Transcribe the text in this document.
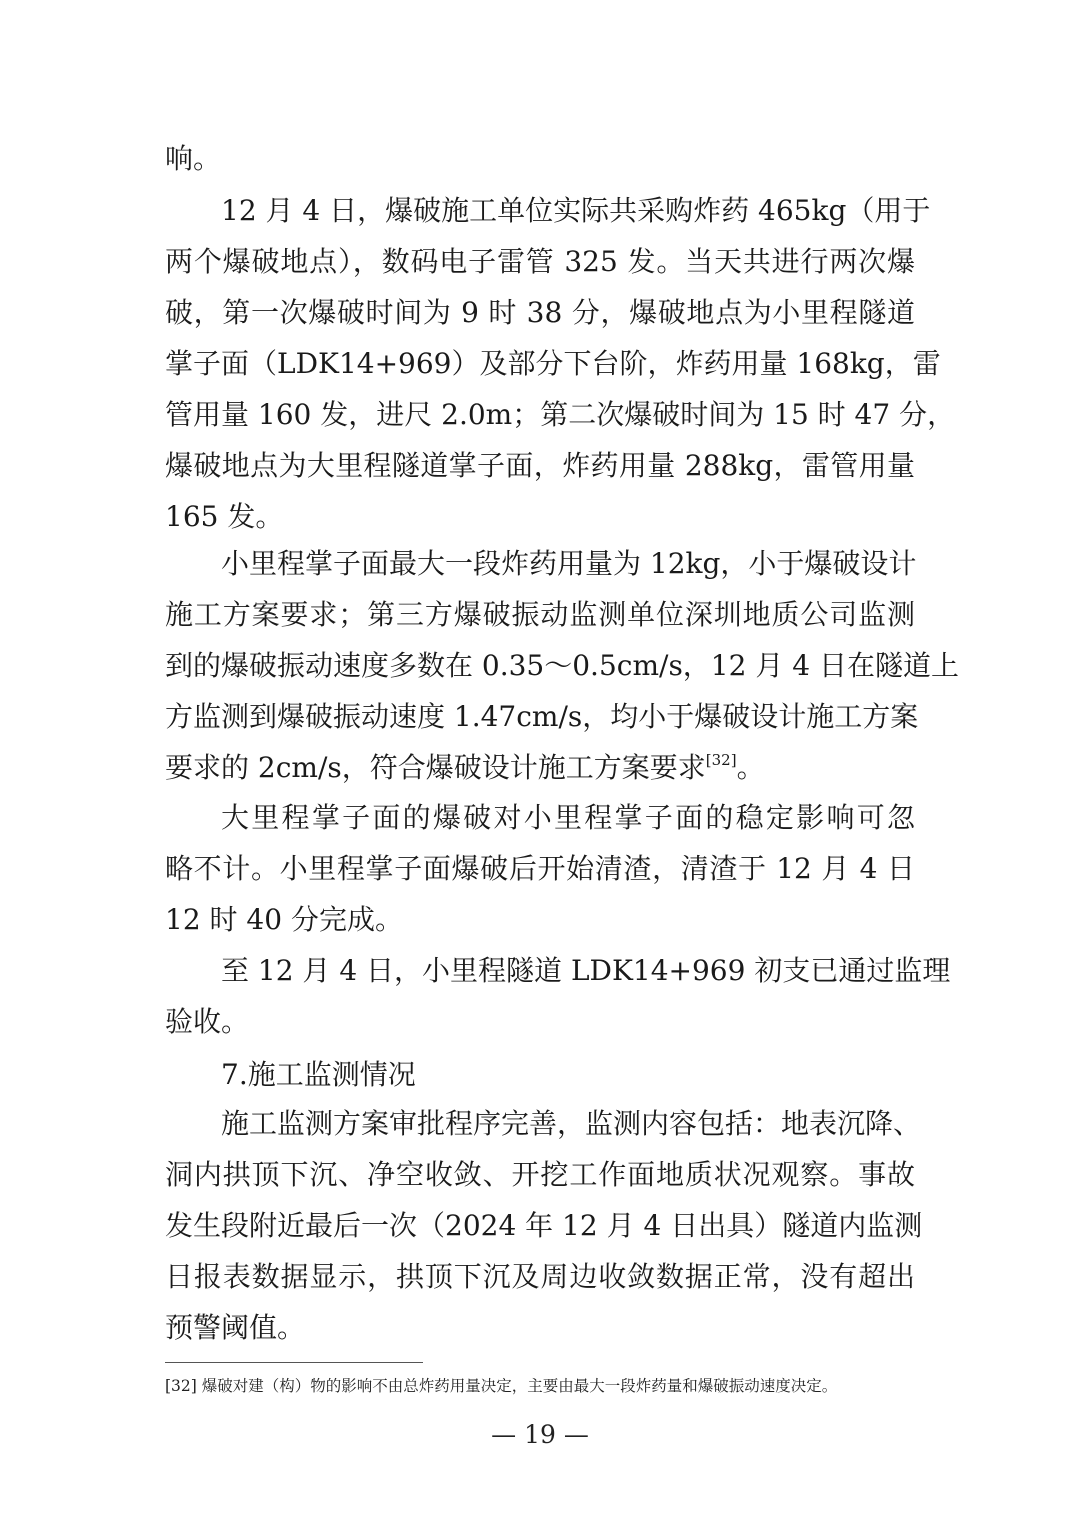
响。
12 月 4 日，爆破施工单位实际共采购炸药 465kg（用于
两个爆破地点），数码电子雷管 325 发。当天共进行两次爆
破，第一次爆破时间为 9 时 38 分，爆破地点为小里程隧道
掌子面（LDK14+969）及部分下台阶，炸药用量 168kg，雷
管用量 160 发，进尺 2.0m；第二次爆破时间为 15 时 47 分，
爆破地点为大里程隧道掌子面，炸药用量 288kg，雷管用量
165 发。
小里程掌子面最大一段炸药用量为 12kg，小于爆破设计
施工方案要求；第三方爆破振动监测单位深圳地质公司监测
到的爆破振动速度多数在 0.35～0.5cm/s，12 月 4 日在隧道上
方监测到爆破振动速度 1.47cm/s，均小于爆破设计施工方案
要求的 2cm/s，符合爆破设计施工方案要求[32]。
大里程掌子面的爆破对小里程掌子面的稳定影响可忽
略不计。小里程掌子面爆破后开始清渣，清渣于 12 月 4 日
12 时 40 分完成。
至 12 月 4 日，小里程隧道 LDK14+969 初支已通过监理
验收。
7.施工监测情况
施工监测方案审批程序完善，监测内容包括：地表沉降、
洞内拱顶下沉、净空收敛、开挖工作面地质状况观察。事故
发生段附近最后一次（2024 年 12 月 4 日出具）隧道内监测
日报表数据显示，拱顶下沉及周边收敛数据正常，没有超出
预警阈值。
[32] 爆破对建（构）物的影响不由总炸药用量决定，主要由最大一段炸药量和爆破振动速度决定。
— 19 —
